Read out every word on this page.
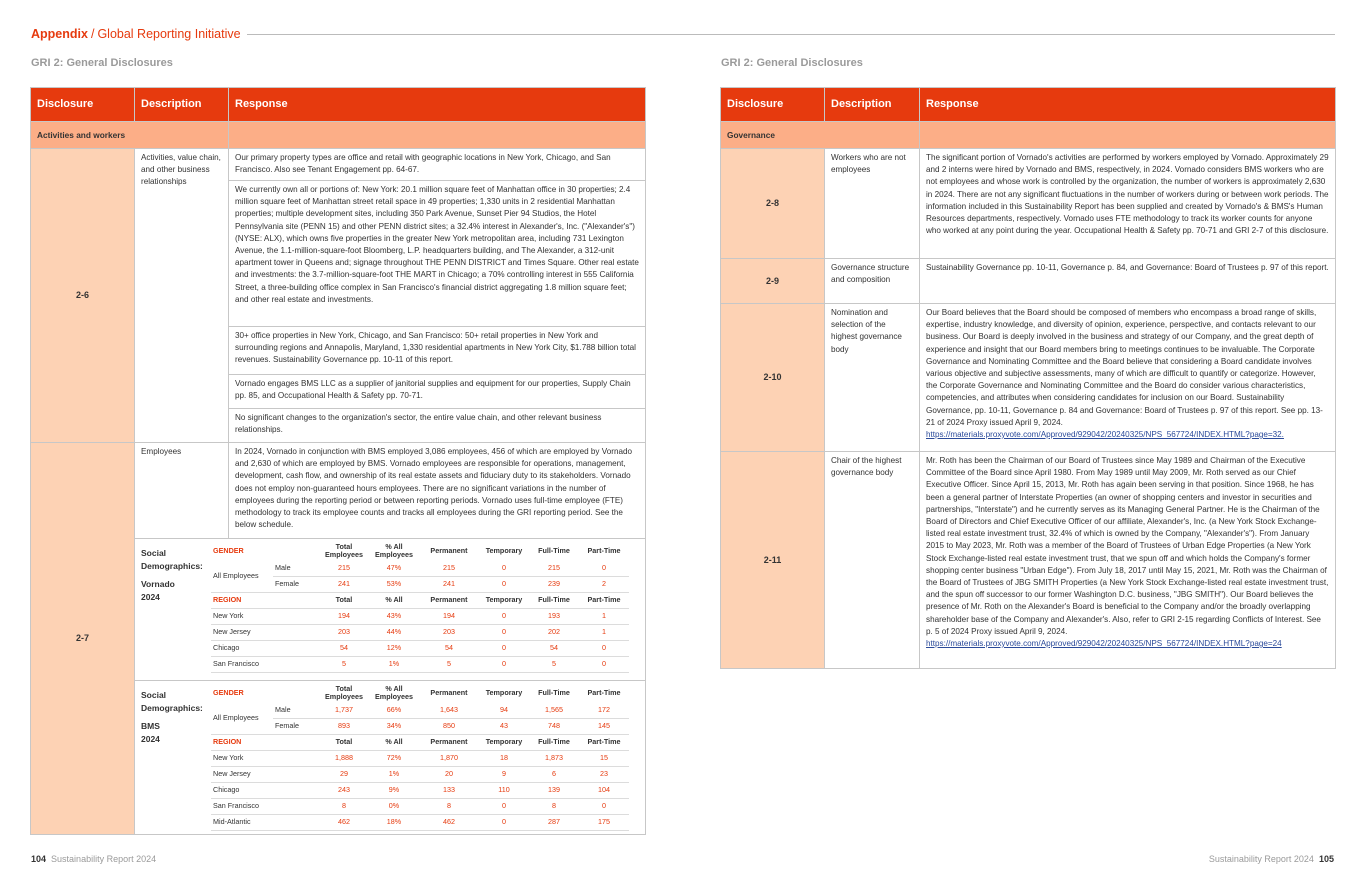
Appendix / Global Reporting Initiative
GRI 2: General Disclosures	GRI 2: General Disclosures
Disclosure	Description	Response
Activities and workers	
2-6	Activities, value chain, and other business relationships	Our primary property types are office and retail with geographic locations in New York, Chicago, and San Francisco. Also see Tenant Engagement pp. 64-67.
We currently own all or portions of: New York: 20.1 million square feet of Manhattan office in 30 properties; 2.4 million square feet of Manhattan street retail space in 49 properties; 1,330 units in 2 residential Manhattan properties; multiple development sites, including 350 Park Avenue, Sunset Pier 94 Studios, the Hotel Pennsylvania site (PENN 15) and other PENN district sites; a 32.4% interest in Alexander's, Inc. ("Alexander's") (NYSE: ALX), which owns five properties in the greater New York metropolitan area, including 731 Lexington Avenue, the 1.1-million-square-foot Bloomberg, L.P. headquarters building, and The Alexander, a 312-unit apartment tower in Queens and; signage throughout THE PENN DISTRICT and Times Square. Other real estate and investments: the 3.7-million-square-foot THE MART in Chicago; a 70% controlling interest in 555 California Street, a three-building office complex in San Francisco's financial district aggregating 1.8 million square feet; and other real estate and investments.
30+ office properties in New York, Chicago, and San Francisco: 50+ retail properties in New York and surrounding regions and Annapolis, Maryland, 1,330 residential apartments in New York City, $1.788 billion total revenues. Sustainability Governance pp. 10-11 of this report.
Vornado engages BMS LLC as a supplier of janitorial supplies and equipment for our properties, Supply Chain pp. 85, and Occupational Health & Safety pp. 70-71.
No significant changes to the organization's sector, the entire value chain, and other relevant business relationships.
2-7	Employees	In 2024, Vornado in conjunction with BMS employed 3,086 employees, 456 of which are employed by Vornado and 2,630 of which are employed by BMS. Vornado employees are responsible for operations, management, development, cash flow, and ownership of its real estate assets and fiduciary duty to its stakeholders. Vornado does not employ non-guaranteed hours employees. There are no significant variations in the number of employees during the reporting period or between reporting periods. Vornado uses full-time employee (FTE) methodology to track its employee counts and tracks all employees during the GRI reporting period. See the below schedule.

Social
Demographics:
Vornado
2024
GENDER	Total Employees	% All Employees	Permanent	Temporary	Full-Time	Part-Time
All Employees	Male	215	47%	215	0	215	0
Female	241	53%	241	0	239	2
REGION	Total	% All	Permanent	Temporary	Full-Time	Part-Time
New York	194	43%	194	0	193	1
New Jersey	203	44%	203	0	202	1
Chicago	54	12%	54	0	54	0
San Francisco	5	1%	5	0	5	0

Social
Demographics:
BMS
2024
GENDER	Total Employees	% All Employees	Permanent	Temporary	Full-Time	Part-Time
All Employees	Male	1,737	66%	1,643	94	1,565	172
Female	893	34%	850	43	748	145
REGION	Total	% All	Permanent	Temporary	Full-Time	Part-Time
New York	1,888	72%	1,870	18	1,873	15
New Jersey	29	1%	20	9	6	23
Chicago	243	9%	133	110	139	104
San Francisco	8	0%	8	0	8	0
Mid-Atlantic	462	18%	462	0	287	175
Disclosure	Description	Response
Governance		
2-8	Workers who are not employees	The significant portion of Vornado's activities are performed by workers employed by Vornado. Approximately 29 and 2 interns were hired by Vornado and BMS, respectively, in 2024. Vornado considers BMS workers who are not employees and whose work is controlled by the organization, the number of workers is approximately 2,630 in 2024. There are not any significant fluctuations in the number of workers during or between work periods. The information included in this Sustainability Report has been supplied and created by Vornado's & BMS's Human Resources departments, respectively. Vornado uses FTE methodology to track its worker counts for anyone who worked at any point during the year. Occupational Health & Safety pp. 70-71 and GRI 2-7 of this disclosure.
2-9	Governance structure and composition	Sustainability Governance pp. 10-11, Governance p. 84, and Governance: Board of Trustees p. 97 of this report.
2-10	Nomination and selection of the highest governance body	Our Board believes that the Board should be composed of members who encompass a broad range of skills, expertise, industry knowledge, and diversity of opinion, experience, perspective, and contacts relevant to our business. Our Board is deeply involved in the business and strategy of our Company, and the great depth of experience and insight that our Board members bring to meetings continues to be invaluable. The Corporate Governance and Nominating Committee and the Board believe that considering a Board candidate involves various objective and subjective assessments, many of which are difficult to quantify or categorize. However, the Corporate Governance and Nominating Committee and the Board do consider various characteristics, competencies, and attributes when considering candidates for inclusion on our Board. Sustainability Governance, pp. 10-11, Governance p. 84 and Governance: Board of Trustees p. 97 of this report. See pp. 13-21 of 2024 Proxy issued April 9, 2024. https://materials.proxyvote.com/Approved/929042/20240325/NPS_567724/INDEX.HTML?page=32.
2-11	Chair of the highest governance body	Mr. Roth has been the Chairman of our Board of Trustees since May 1989 and Chairman of the Executive Committee of the Board since April 1980. From May 1989 until May 2009, Mr. Roth served as our Chief Executive Officer. Since April 15, 2013, Mr. Roth has again been serving in that position. Since 1968, he has been a general partner of Interstate Properties (an owner of shopping centers and investor in securities and partnerships, "Interstate") and he currently serves as its Managing General Partner. He is the Chairman of the Board of Directors and Chief Executive Officer of our affiliate, Alexander's, Inc. (a New York Stock Exchange-listed real estate investment trust, 32.4% of which is owned by the Company, "Alexander's"). From January 2015 to May 2023, Mr. Roth was a member of the Board of Trustees of Urban Edge Properties (a New York Stock Exchange-listed real estate investment trust, that we spun off and which holds the Company's former shopping center business "Urban Edge"). From July 18, 2017 until May 15, 2021, Mr. Roth was the Chairman of the Board of Trustees of JBG SMITH Properties (a New York Stock Exchange-listed real estate investment trust, and the spun off successor to our former Washington D.C. business, "JBG SMITH"). Our Board believes the presence of Mr. Roth on the Alexander's Board is beneficial to the Company and/or the broadly overlapping shareholder base of the Company and Alexander's. Also, refer to GRI 2-15 regarding Conflicts of Interest. See p. 5 of 2024 Proxy issued April 9, 2024. https://materials.proxyvote.com/Approved/929042/20240325/NPS_567724/INDEX.HTML?page=24
104 Sustainability Report 2024	Sustainability Report 2024 105
